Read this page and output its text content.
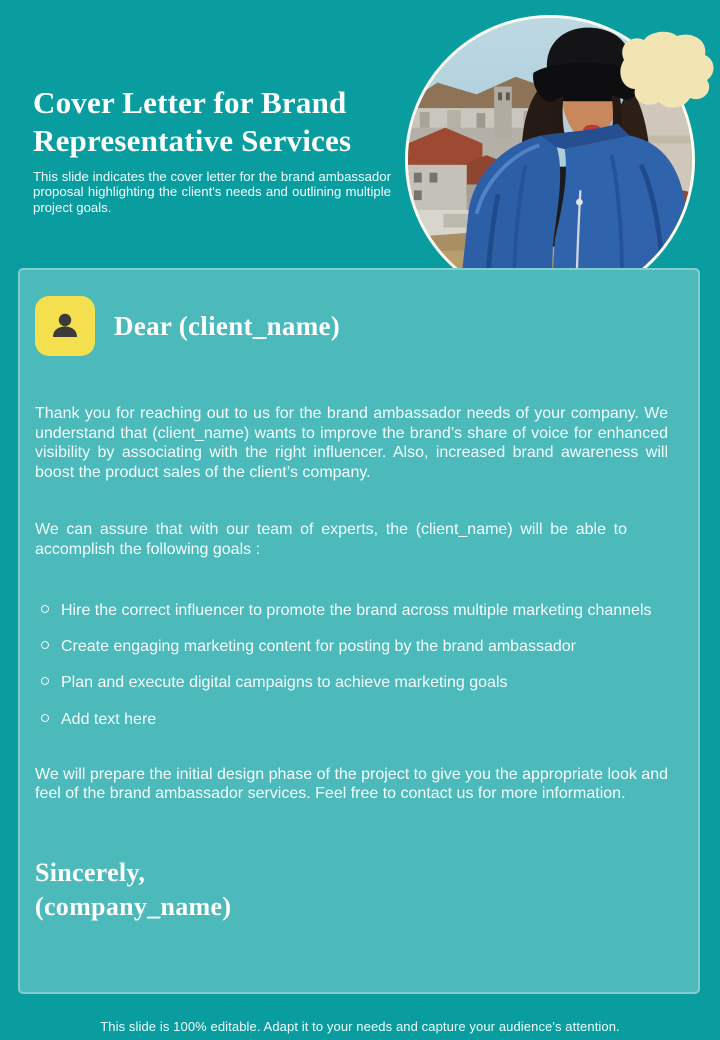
Cover Letter for Brand Representative Services

This slide indicates the cover letter for the brand ambassador proposal highlighting the client's needs and outlining multiple project goals.

Dear (client_name)

Thank you for reaching out to us for the brand ambassador needs of your company. We understand that (client_name) wants to improve the brand’s share of voice for enhanced visibility by associating with the right influencer. Also, increased brand awareness will boost the product sales of the client’s company.

We can assure that with our team of experts, the (client_name) will be able to accomplish the following goals :

Hire the correct influencer to promote the brand across multiple marketing channels
Create engaging marketing content for posting by the brand ambassador
Plan and execute digital campaigns to achieve marketing goals
Add text here

We will prepare the initial design phase of the project to give you the appropriate look and feel of the brand ambassador services. Feel free to contact us for more information.

Sincerely,
(company_name)
This slide is 100% editable. Adapt it to your needs and capture your audience's attention.
